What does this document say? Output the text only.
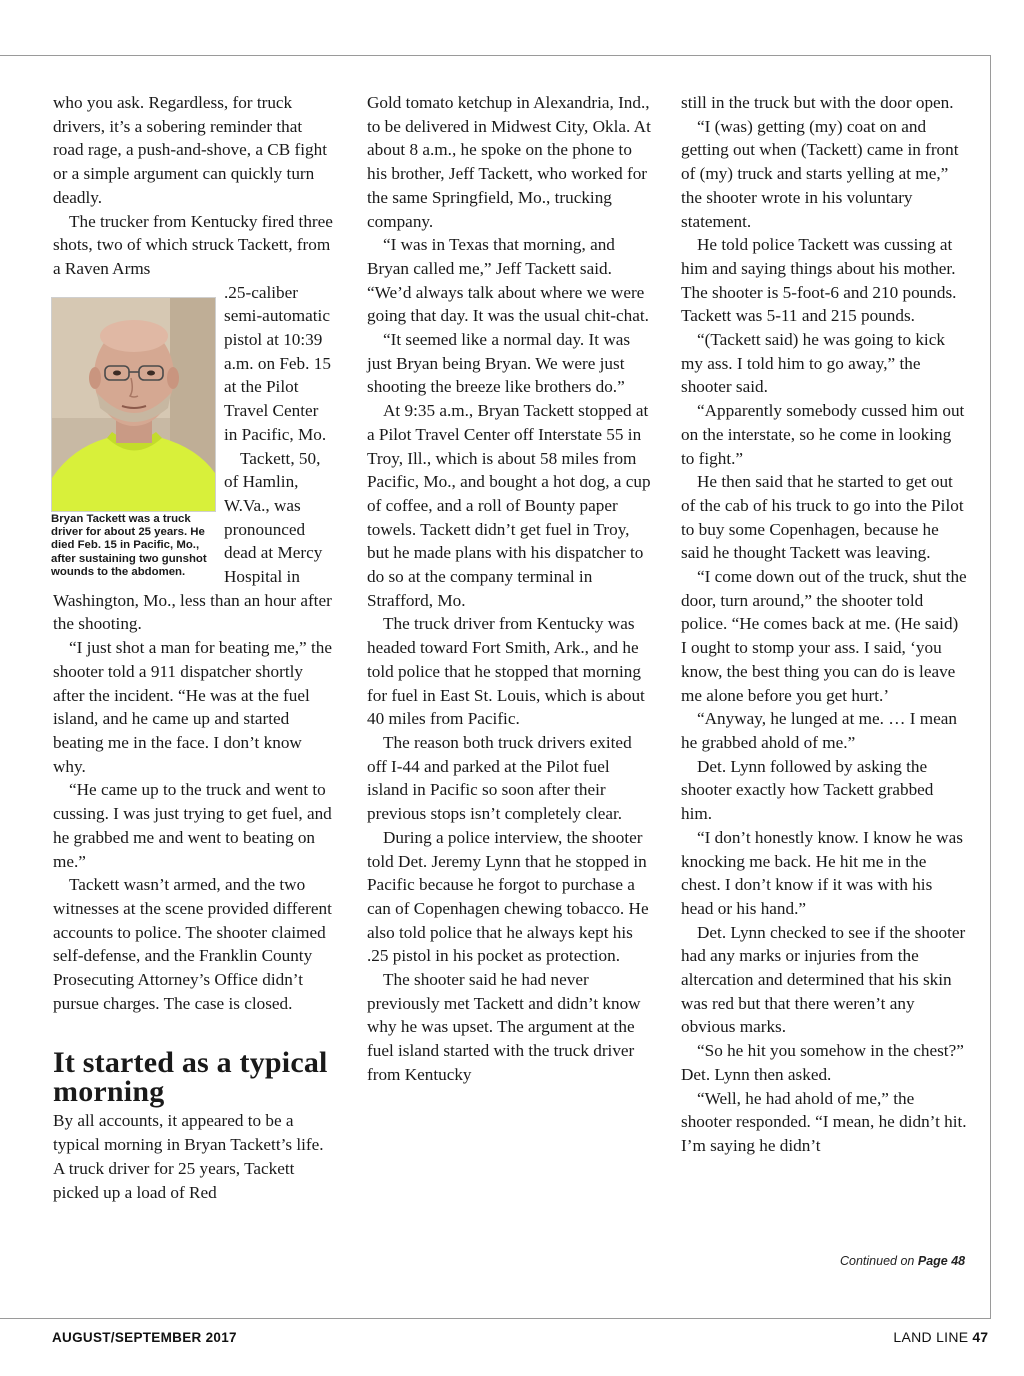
who you ask. Regardless, for truck drivers, it’s a sobering reminder that road rage, a push-and-shove, a CB fight or a simple argument can quickly turn deadly.

The trucker from Kentucky fired three shots, two of which struck Tackett, from a Raven Arms

.25-caliber semi-automatic pistol at 10:39 a.m. on Feb. 15 at the Pilot Travel Center in Pacific, Mo.

Tackett, 50, of Hamlin, W.Va., was pronounced dead at Mercy Hospital in

Washington, Mo., less than an hour after the shooting.

“I just shot a man for beating me,” the shooter told a 911 dispatcher shortly after the incident. “He was at the fuel island, and he came up and started beating me in the face. I don’t know why.

“He came up to the truck and went to cussing. I was just trying to get fuel, and he grabbed me and went to beating on me.”

Tackett wasn’t armed, and the two witnesses at the scene provided different accounts to police. The shooter claimed self-defense, and the Franklin County Prosecuting Attorney’s Office didn’t pursue charges. The case is closed.

It started as a typical morning

By all accounts, it appeared to be a typical morning in Bryan Tackett’s life. A truck driver for 25 years, Tackett picked up a load of Red

Bryan Tackett was a truck driver for about 25 years. He died Feb. 15 in Pacific, Mo., after sustaining two gunshot wounds to the abdomen.

Gold tomato ketchup in Alexandria, Ind., to be delivered in Midwest City, Okla. At about 8 a.m., he spoke on the phone to his brother, Jeff Tackett, who worked for the same Springfield, Mo., trucking company.

“I was in Texas that morning, and Bryan called me,” Jeff Tackett said. “We’d always talk about where we were going that day. It was the usual chit-chat.

“It seemed like a normal day. It was just Bryan being Bryan. We were just shooting the breeze like brothers do.”

At 9:35 a.m., Bryan Tackett stopped at a Pilot Travel Center off Interstate 55 in Troy, Ill., which is about 58 miles from Pacific, Mo., and bought a hot dog, a cup of coffee, and a roll of Bounty paper towels. Tackett didn’t get fuel in Troy, but he made plans with his dispatcher to do so at the company terminal in Strafford, Mo.

The truck driver from Kentucky was headed toward Fort Smith, Ark., and he told police that he stopped that morning for fuel in East St. Louis, which is about 40 miles from Pacific.

The reason both truck drivers exited off I-44 and parked at the Pilot fuel island in Pacific so soon after their previous stops isn’t completely clear.

During a police interview, the shooter told Det. Jeremy Lynn that he stopped in Pacific because he forgot to purchase a can of Copenhagen chewing tobacco. He also told police that he always kept his .25 pistol in his pocket as protection.

The shooter said he had never previously met Tackett and didn’t know why he was upset. The argument at the fuel island started with the truck driver from Kentucky

still in the truck but with the door open.

“I (was) getting (my) coat on and getting out when (Tackett) came in front of (my) truck and starts yelling at me,” the shooter wrote in his voluntary statement.

He told police Tackett was cussing at him and saying things about his mother. The shooter is 5-foot-6 and 210 pounds. Tackett was 5-11 and 215 pounds.

“(Tackett said) he was going to kick my ass. I told him to go away,” the shooter said.

“Apparently somebody cussed him out on the interstate, so he come in looking to fight.”

He then said that he started to get out of the cab of his truck to go into the Pilot to buy some Copenhagen, because he said he thought Tackett was leaving.

“I come down out of the truck, shut the door, turn around,” the shooter told police. “He comes back at me. (He said) I ought to stomp your ass. I said, ‘you know, the best thing you can do is leave me alone before you get hurt.’

“Anyway, he lunged at me. … I mean he grabbed ahold of me.”

Det. Lynn followed by asking the shooter exactly how Tackett grabbed him.

“I don’t honestly know. I know he was knocking me back. He hit me in the chest. I don’t know if it was with his head or his hand.”

Det. Lynn checked to see if the shooter had any marks or injuries from the altercation and determined that his skin was red but that there weren’t any obvious marks.

“So he hit you somehow in the chest?” Det. Lynn then asked.

“Well, he had ahold of me,” the shooter responded. “I mean, he didn’t hit. I’m saying he didn’t

Continued on Page 48
AUGUST/SEPTEMBER 2017	LAND LINE 47
